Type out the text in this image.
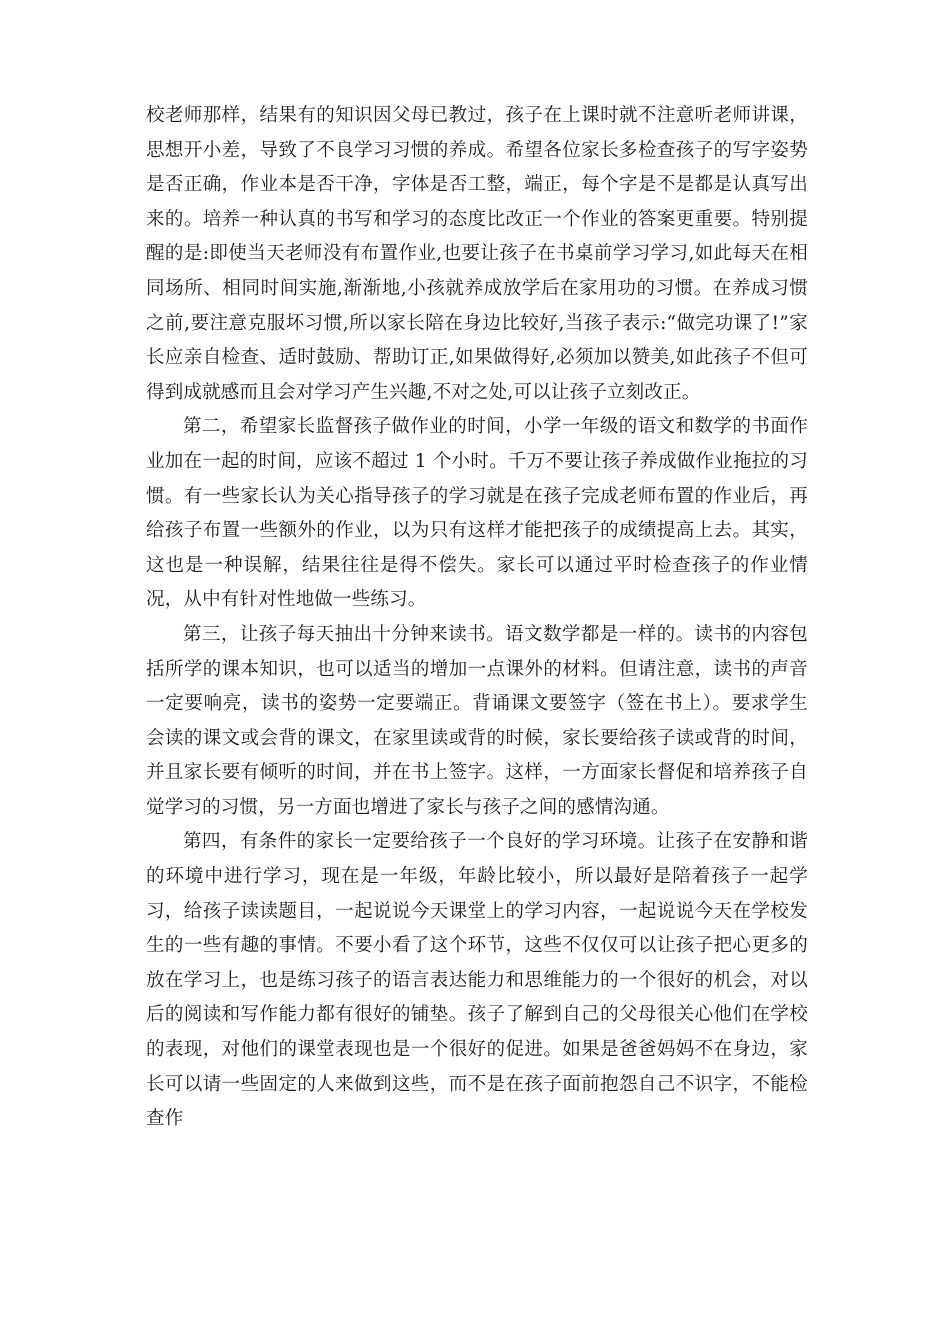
校老师那样，结果有的知识因父母已教过，孩子在上课时就不注意听老师讲课，思想开小差，导致了不良学习习惯的养成。希望各位家长多检查孩子的写字姿势是否正确，作业本是否干净，字体是否工整，端正，每个字是不是都是认真写出来的。培养一种认真的书写和学习的态度比改正一个作业的答案更重要。特别提醒的是:即使当天老师没有布置作业,也要让孩子在书桌前学习学习,如此每天在相同场所、相同时间实施,渐渐地,小孩就养成放学后在家用功的习惯。在养成习惯之前,要注意克服坏习惯,所以家长陪在身边比较好,当孩子表示:“做完功课了!”家长应亲自检查、适时鼓励、帮助订正,如果做得好,必须加以赞美,如此孩子不但可得到成就感而且会对学习产生兴趣,不对之处,可以让孩子立刻改正。

第二，希望家长监督孩子做作业的时间，小学一年级的语文和数学的书面作业加在一起的时间，应该不超过 1 个小时。千万不要让孩子养成做作业拖拉的习惯。有一些家长认为关心指导孩子的学习就是在孩子完成老师布置的作业后，再给孩子布置一些额外的作业，以为只有这样才能把孩子的成绩提高上去。其实，这也是一种误解，结果往往是得不偿失。家长可以通过平时检查孩子的作业情况，从中有针对性地做一些练习。

第三，让孩子每天抽出十分钟来读书。语文数学都是一样的。读书的内容包括所学的课本知识，也可以适当的增加一点课外的材料。但请注意，读书的声音一定要响亮，读书的姿势一定要端正。背诵课文要签字（签在书上）。要求学生会读的课文或会背的课文，在家里读或背的时候，家长要给孩子读或背的时间，并且家长要有倾听的时间，并在书上签字。这样，一方面家长督促和培养孩子自觉学习的习惯，另一方面也增进了家长与孩子之间的感情沟通。

第四，有条件的家长一定要给孩子一个良好的学习环境。让孩子在安静和谐的环境中进行学习，现在是一年级，年龄比较小，所以最好是陪着孩子一起学习，给孩子读读题目，一起说说今天课堂上的学习内容，一起说说今天在学校发生的一些有趣的事情。不要小看了这个环节，这些不仅仅可以让孩子把心更多的放在学习上，也是练习孩子的语言表达能力和思维能力的一个很好的机会，对以后的阅读和写作能力都有很好的铺垫。孩子了解到自己的父母很关心他们在学校的表现，对他们的课堂表现也是一个很好的促进。如果是爸爸妈妈不在身边，家长可以请一些固定的人来做到这些，而不是在孩子面前抱怨自己不识字，不能检查作
